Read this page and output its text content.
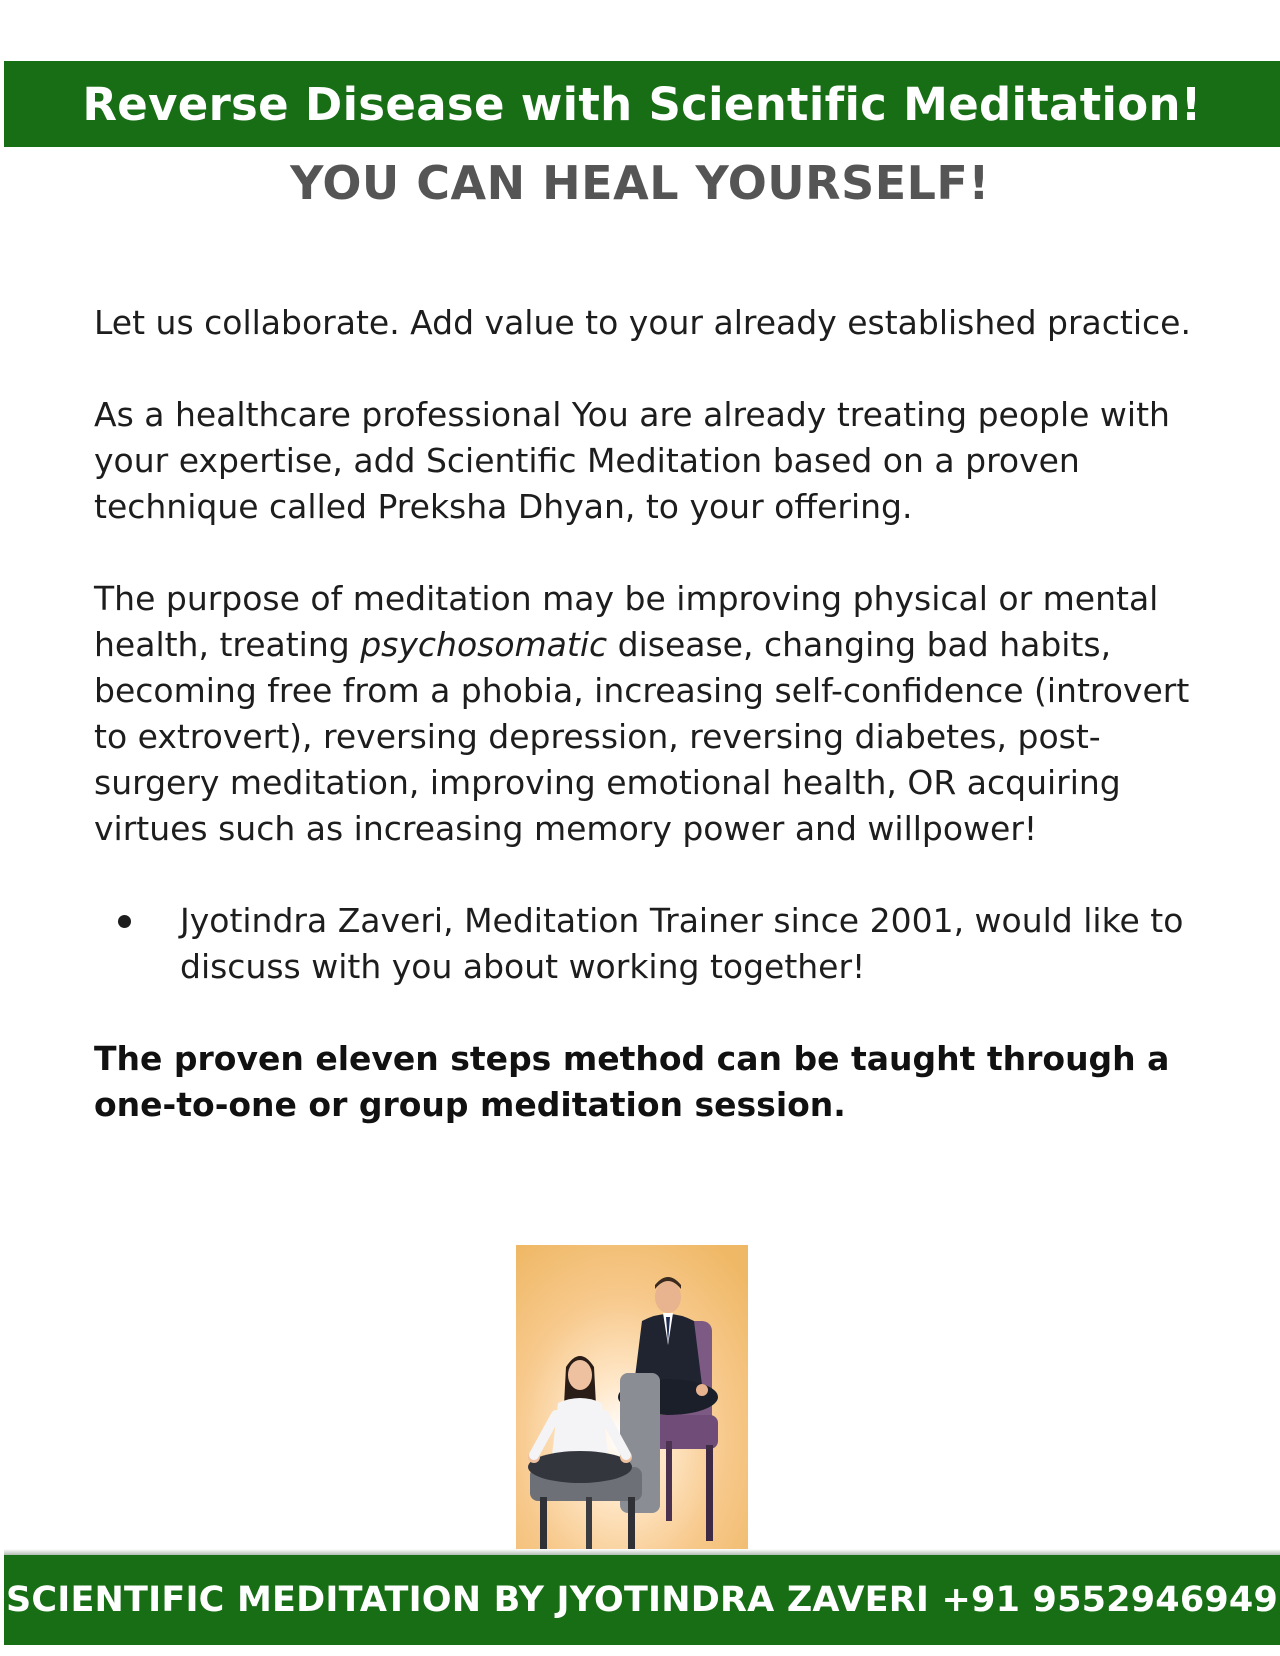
Reverse Disease with Scientific Meditation!
YOU CAN HEAL YOURSELF!

Let us collaborate. Add value to your already established practice.

As a healthcare professional You are already treating people with your expertise, add Scientific Meditation based on a proven technique called Preksha Dhyan, to your offering.

The purpose of meditation may be improving physical or mental health, treating psychosomatic disease, changing bad habits, becoming free from a phobia, increasing self-confidence (introvert to extrovert), reversing depression, reversing diabetes, post-surgery meditation, improving emotional health, OR acquiring virtues such as increasing memory power and willpower!

Jyotindra Zaveri, Meditation Trainer since 2001, would like to discuss with you about working together!

The proven eleven steps method can be taught through a one-to-one or group meditation session.

SCIENTIFIC MEDITATION BY JYOTINDRA ZAVERI +91 9552946949
